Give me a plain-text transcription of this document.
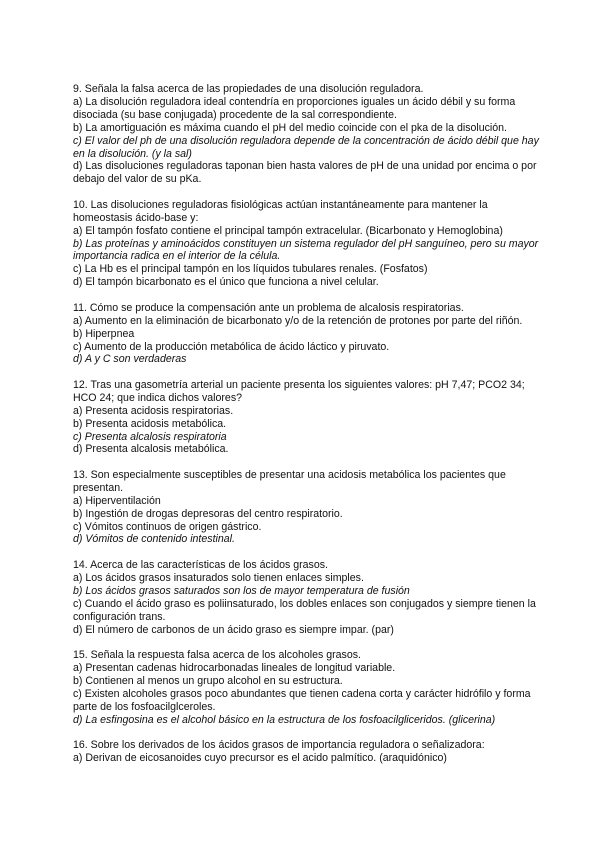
9. Señala la falsa acerca de las propiedades de una disolución reguladora.

a) La disolución reguladora ideal contendría en proporciones iguales un ácido débil y su forma disociada (su base conjugada) procedente de la sal correspondiente.

b) La amortiguación es máxima cuando el pH del medio coincide con el pka de la disolución.

c) El valor del ph de una disolución reguladora depende de la concentración de ácido débil que hay en la disolución. (y la sal)

d) Las disoluciones reguladoras taponan bien hasta valores de pH de una unidad por encima o por debajo del valor de su pKa.

10. Las disoluciones reguladoras fisiológicas actúan instantáneamente para mantener la homeostasis ácido-base y:

a) El tampón fosfato contiene el principal tampón extracelular. (Bicarbonato y Hemoglobina)

b) Las proteínas y aminoácidos constituyen un sistema regulador del pH sanguíneo, pero su mayor importancia radica en el interior de la célula.

c) La Hb es el principal tampón en los líquidos tubulares renales. (Fosfatos)

d) El tampón bicarbonato es el único que funciona a nivel celular.

11. Cómo se produce la compensación ante un problema de alcalosis respiratorias.

a) Aumento en la eliminación de bicarbonato y/o de la retención de protones por parte del riñón.

b) Hiperpnea

c) Aumento de la producción metabólica de ácido láctico y piruvato.

d) A y C son verdaderas

12. Tras una gasometría arterial un paciente presenta los siguientes valores: pH 7,47; PCO2 34; HCO 24; que indica dichos valores?

a) Presenta acidosis respiratorias.

b) Presenta acidosis metabólica.

c) Presenta alcalosis respiratoria

d) Presenta alcalosis metabólica.

13. Son especialmente susceptibles de presentar una acidosis metabólica los pacientes que presentan.

a) Hiperventilación

b) Ingestión de drogas depresoras del centro respiratorio.

c) Vómitos continuos de origen gástrico.

d) Vómitos de contenido intestinal.

14. Acerca de las características de los ácidos grasos.

a) Los ácidos grasos insaturados solo tienen enlaces simples.

b) Los ácidos grasos saturados son los de mayor temperatura de fusión

c) Cuando el ácido graso es poliinsaturado, los dobles enlaces son conjugados y siempre tienen la configuración trans.

d) El número de carbonos de un ácido graso es siempre impar. (par)

15. Señala la respuesta falsa acerca de los alcoholes grasos.

a) Presentan cadenas hidrocarbonadas lineales de longitud variable.

b) Contienen al menos un grupo alcohol en su estructura.

c) Existen alcoholes grasos poco abundantes que tienen cadena corta y carácter hidrófilo y forma parte de los fosfoacilglceroles.

d) La esfingosina es el alcohol básico en la estructura de los fosfoacilgliceridos. (glicerina)

16. Sobre los derivados de los ácidos grasos de importancia reguladora o señalizadora:

a) Derivan de eicosanoides cuyo precursor es el acido palmítico. (araquidónico)
